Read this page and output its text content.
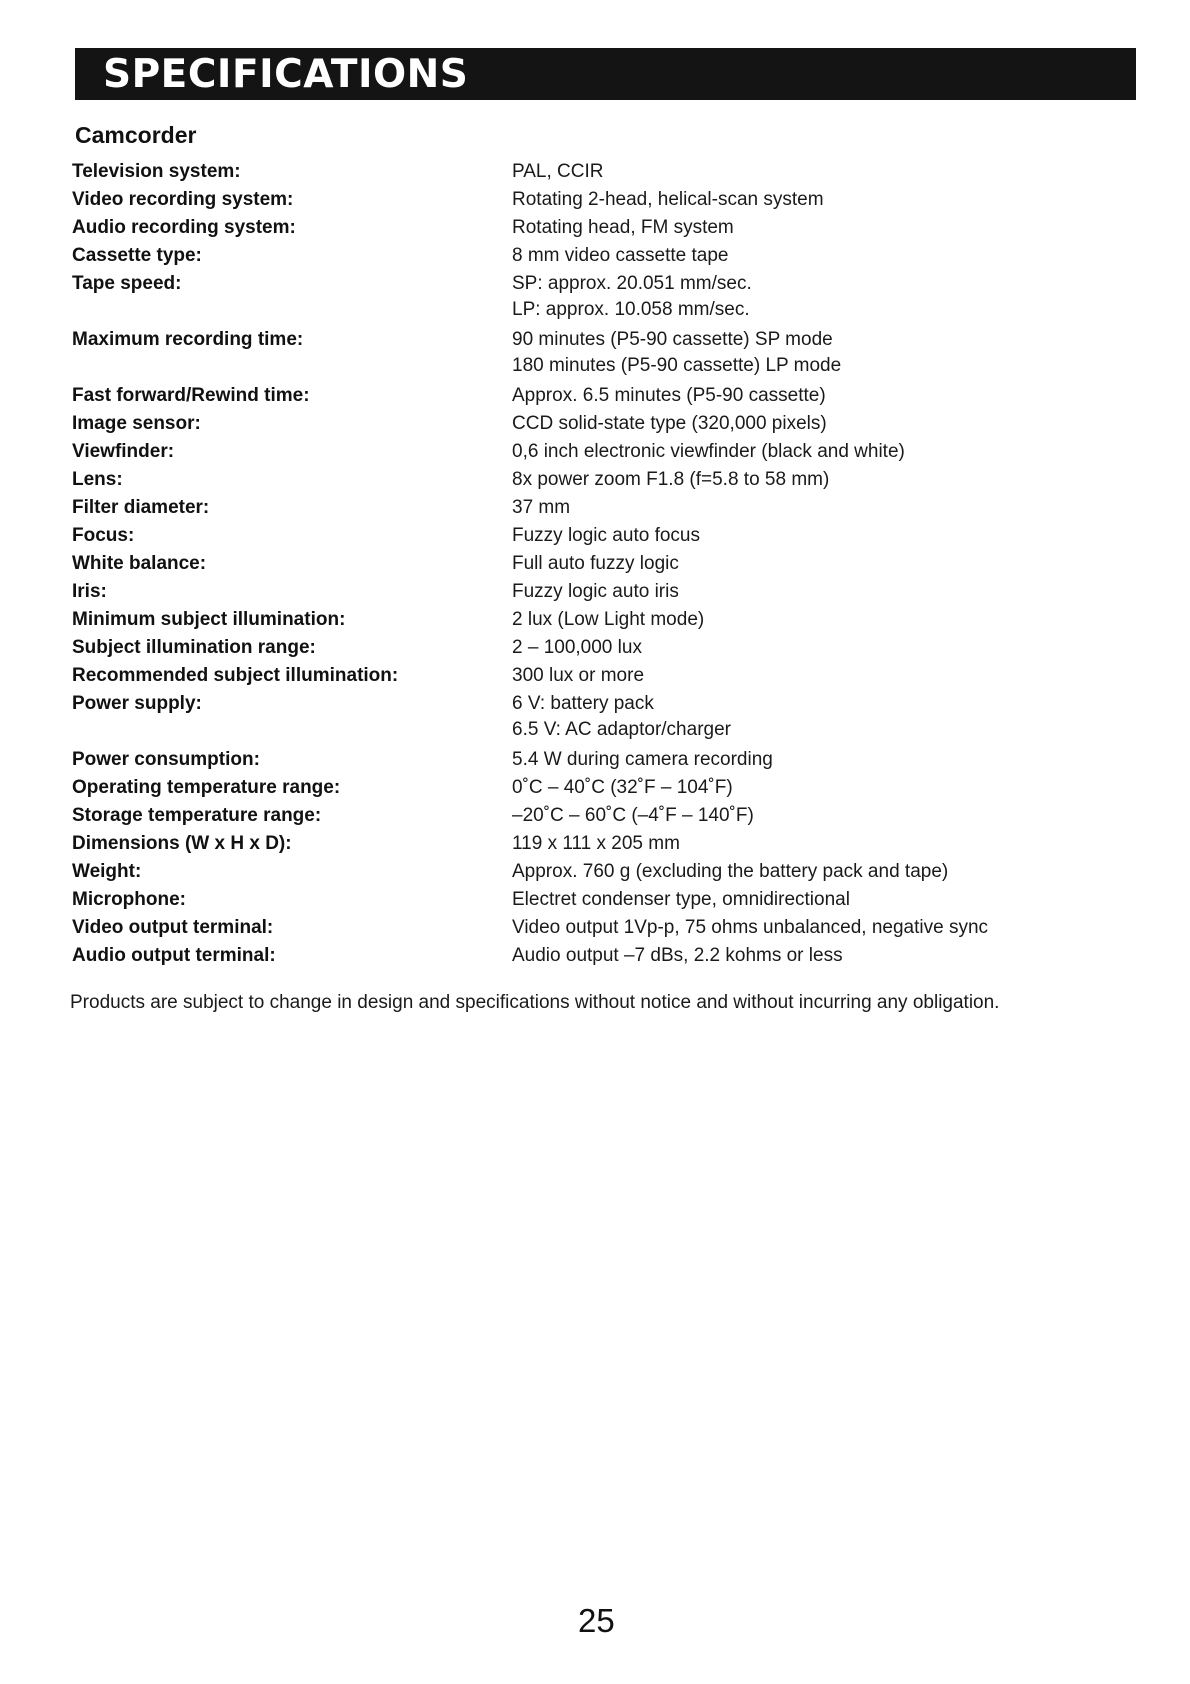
SPECIFICATIONS
Camcorder
Television system:	PAL, CCIR
Video recording system:	Rotating 2-head, helical-scan system
Audio recording system:	Rotating head, FM system
Cassette type:	8 mm video cassette tape
Tape speed:	SP: approx. 20.051 mm/sec.
LP: approx. 10.058 mm/sec.
Maximum recording time:	90 minutes (P5-90 cassette) SP mode
180 minutes (P5-90 cassette) LP mode
Fast forward/Rewind time:	Approx. 6.5 minutes (P5-90 cassette)
Image sensor:	CCD solid-state type (320,000 pixels)
Viewfinder:	0,6 inch electronic viewfinder (black and white)
Lens:	8x power zoom F1.8 (f=5.8 to 58 mm)
Filter diameter:	37 mm
Focus:	Fuzzy logic auto focus
White balance:	Full auto fuzzy logic
Iris:	Fuzzy logic auto iris
Minimum subject illumination:	2 lux (Low Light mode)
Subject illumination range:	2 – 100,000 lux
Recommended subject illumination:	300 lux or more
Power supply:	6 V: battery pack
6.5 V: AC adaptor/charger
Power consumption:	5.4 W during camera recording
Operating temperature range:	0˚C – 40˚C (32˚F – 104˚F)
Storage temperature range:	–20˚C – 60˚C (–4˚F – 140˚F)
Dimensions (W x H x D):	119 x 111 x 205 mm
Weight:	Approx. 760 g (excluding the battery pack and tape)
Microphone:	Electret condenser type, omnidirectional
Video output terminal:	Video output 1Vp-p, 75 ohms unbalanced, negative sync
Audio output terminal:	Audio output –7 dBs, 2.2 kohms or less

Products are subject to change in design and specifications without notice and without incurring any obligation.

25
